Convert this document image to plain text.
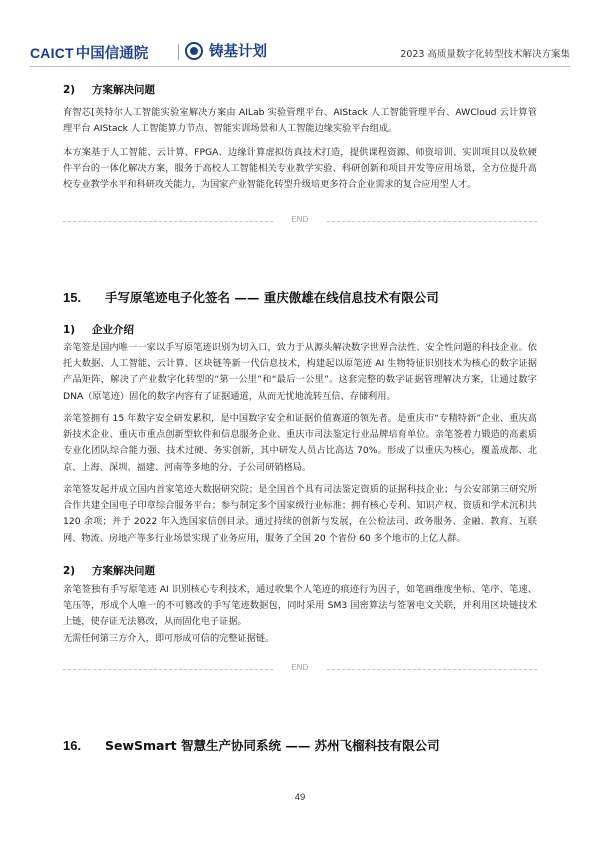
CAICT 中国信通院	铸基计划	2023 高质量数字化转型技术解决方案集
2) 方案解决问题

育智芯[英特尔人工智能实验室解决方案由 AILab 实验管理平台、AIStack 人工智能管理平台、AWCloud 云计算管理平台 AIStack 人工智能算力节点、智能实训场景和人工智能边缘实验平台组成。

本方案基于人工智能、云计算、FPGA、边缘计算虚拟仿真技术打造，提供课程资源、师资培训、实训项目以及软硬件平台的一体化解决方案，服务于高校人工智能相关专业教学实验、科研创新和项目开发等应用场景，全方位提升高校专业教学水平和科研攻关能力，为国家产业智能化转型升级培更多符合企业需求的复合应用型人才。

END
15. 手写原笔迹电子化签名 —— 重庆傲雄在线信息技术有限公司
1) 企业介绍

亲笔签是国内唯一一家以手写原笔迹识别为切入口，致力于从源头解决数字世界合法性、安全性问题的科技企业。依托大数据、人工智能、云计算、区块链等新一代信息技术，构建起以原笔迹 AI 生物特征识别技术为核心的数字证据产品矩阵，解决了产业数字化转型的“第一公里”和“最后一公里”。这套完整的数字证据管理解决方案，让通过数字 DNA（原笔迹）固化的数字内容有了证据通道，从而无忧地流转互信、存储利用。

亲笔签拥有 15 年数字安全研发累积，是中国数字安全和证据价值赛道的领先者。是重庆市“专精特新”企业、重庆高新技术企业、重庆市重点创新型软件和信息服务企业、重庆市司法鉴定行业品牌培育单位。亲笔签着力锻造的高素质专业化团队综合能力强、技术过硬、务实创新，其中研发人员占比高达 70%。形成了以重庆为核心，覆盖成都、北京、上海、深圳、福建、河南等多地的分、子公司研销格局。

亲笔签发起并成立国内首家笔迹大数据研究院；是全国首个具有司法鉴定资质的证据科技企业；与公安部第三研究所合作共建全国电子印章综合服务平台；参与制定多个国家级行业标准；拥有核心专利、知识产权、资质和学术沉积共 120 余项；并于 2022 年入选国家信创目录。通过持续的创新与发展，在公检法司、政务服务、金融、教育、互联网、物流、房地产等多行业场景实现了业务应用，服务了全国 20 个省份 60 多个地市的上亿人群。

2) 方案解决问题

亲笔签独有手写原笔迹 AI 识别核心专利技术，通过收集个人笔迹的痕迹行为因子，如笔画维度坐标、笔序、笔速、笔压等，形成个人唯一的不可篡改的手写笔迹数据包，同时采用 SM3 国密算法与签署电文关联，并利用区块链技术上链，使存证无法篡改，从而固化电子证据。

无需任何第三方介入，即可形成可信的完整证据链。

END
16. SewSmart 智慧生产协同系统 —— 苏州飞榴科技有限公司
49
